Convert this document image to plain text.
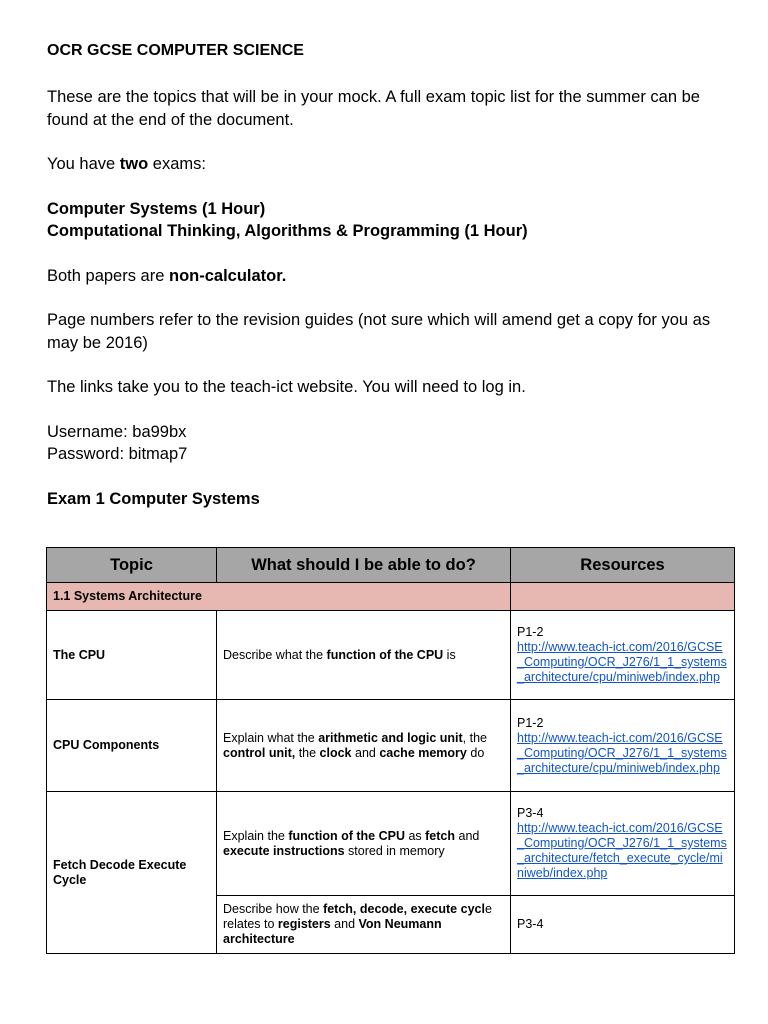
OCR GCSE COMPUTER SCIENCE

These are the topics that will be in your mock. A full exam topic list for the summer can be found at the end of the document.

You have two exams:

Computer Systems (1 Hour)

Computational Thinking, Algorithms & Programming (1 Hour)

Both papers are non-calculator.

Page numbers refer to the revision guides (not sure which will amend get a copy for you as may be 2016)

The links take you to the teach-ict website. You will need to log in.

Username: ba99bx

Password: bitmap7

Exam 1 Computer Systems

Topic	What should I be able to do?	Resources
1.1 Systems Architecture		
The CPU	Describe what the function of the CPU is	P1-2
http://www.teach-ict.com/2016/GCSE_Computing/OCR_J276/1_1_systems_architecture/cpu/miniweb/index.php

CPU Components	Explain what the arithmetic and logic unit, the control unit, the clock and cache memory do	P1-2
http://www.teach-ict.com/2016/GCSE_Computing/OCR_J276/1_1_systems_architecture/cpu/miniweb/index.php

Fetch Decode Execute Cycle	Explain the function of the CPU as fetch and execute instructions stored in memory	P3-4
http://www.teach-ict.com/2016/GCSE_Computing/OCR_J276/1_1_systems_architecture/fetch_execute_cycle/miniweb/index.php

	Describe how the fetch, decode, execute cycle relates to registers and Von Neumann architecture	P3-4
